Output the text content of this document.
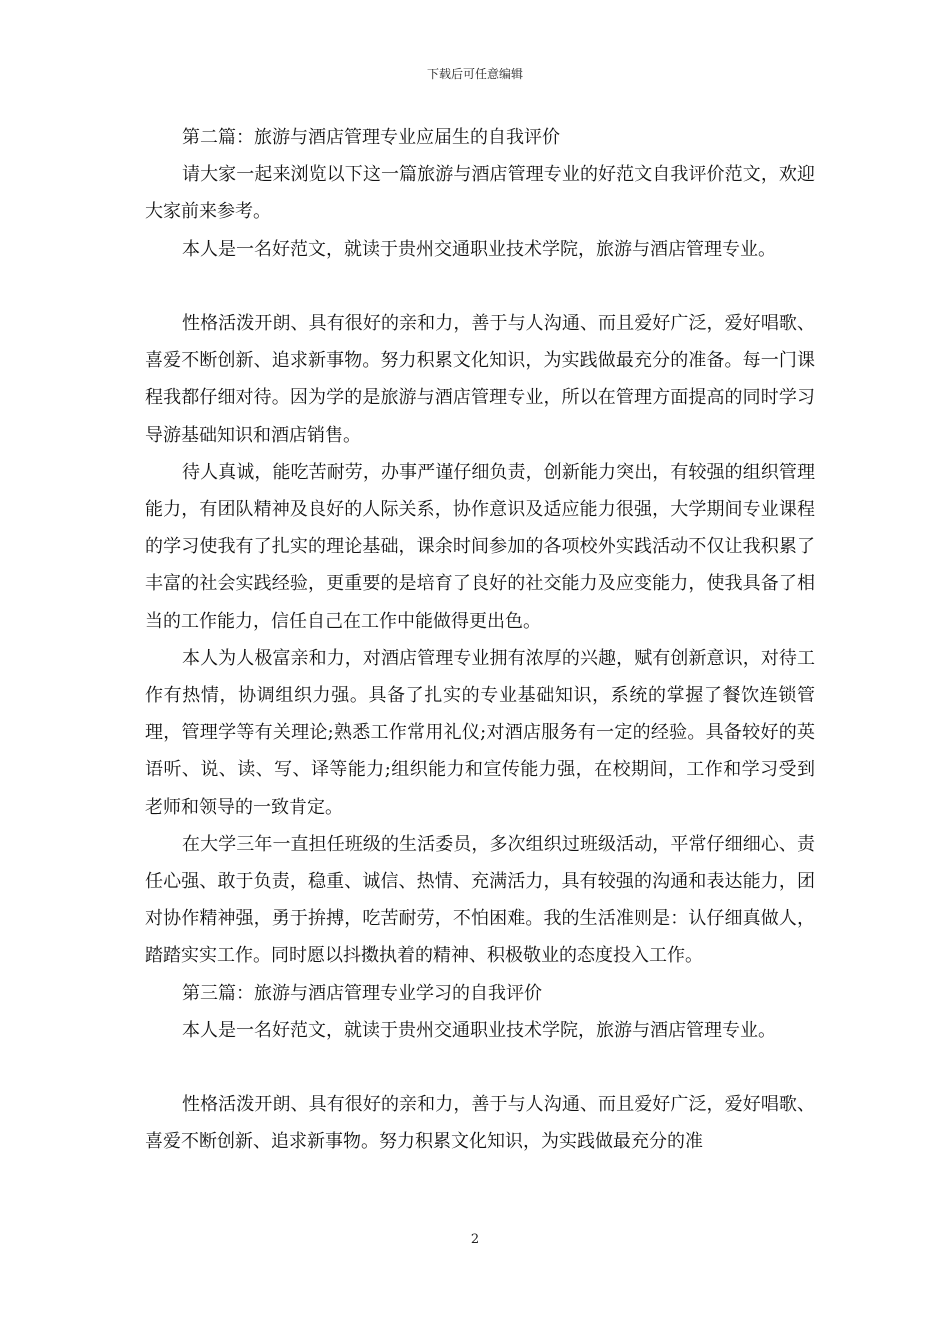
下载后可任意编辑

第二篇：旅游与酒店管理专业应届生的自我评价

请大家一起来浏览以下这一篇旅游与酒店管理专业的好范文自我评价范文，欢迎大家前来参考。

本人是一名好范文，就读于贵州交通职业技术学院，旅游与酒店管理专业。

性格活泼开朗、具有很好的亲和力，善于与人沟通、而且爱好广泛，爱好唱歌、喜爱不断创新、追求新事物。努力积累文化知识，为实践做最充分的准备。每一门课程我都仔细对待。因为学的是旅游与酒店管理专业，所以在管理方面提高的同时学习导游基础知识和酒店销售。

待人真诚，能吃苦耐劳，办事严谨仔细负责，创新能力突出，有较强的组织管理能力，有团队精神及良好的人际关系，协作意识及适应能力很强，大学期间专业课程的学习使我有了扎实的理论基础，课余时间参加的各项校外实践活动不仅让我积累了丰富的社会实践经验，更重要的是培育了良好的社交能力及应变能力，使我具备了相当的工作能力，信任自己在工作中能做得更出色。

本人为人极富亲和力，对酒店管理专业拥有浓厚的兴趣，赋有创新意识，对待工作有热情，协调组织力强。具备了扎实的专业基础知识，系统的掌握了餐饮连锁管理，管理学等有关理论;熟悉工作常用礼仪;对酒店服务有一定的经验。具备较好的英语听、说、读、写、译等能力;组织能力和宣传能力强，在校期间，工作和学习受到老师和领导的一致肯定。

在大学三年一直担任班级的生活委员，多次组织过班级活动，平常仔细细心、责任心强、敢于负责，稳重、诚信、热情、充满活力，具有较强的沟通和表达能力，团对协作精神强，勇于拚搏，吃苦耐劳，不怕困难。我的生活准则是：认仔细真做人，踏踏实实工作。同时愿以抖擞执着的精神、积极敬业的态度投入工作。

第三篇：旅游与酒店管理专业学习的自我评价

本人是一名好范文，就读于贵州交通职业技术学院，旅游与酒店管理专业。

性格活泼开朗、具有很好的亲和力，善于与人沟通、而且爱好广泛，爱好唱歌、喜爱不断创新、追求新事物。努力积累文化知识，为实践做最充分的准

2
